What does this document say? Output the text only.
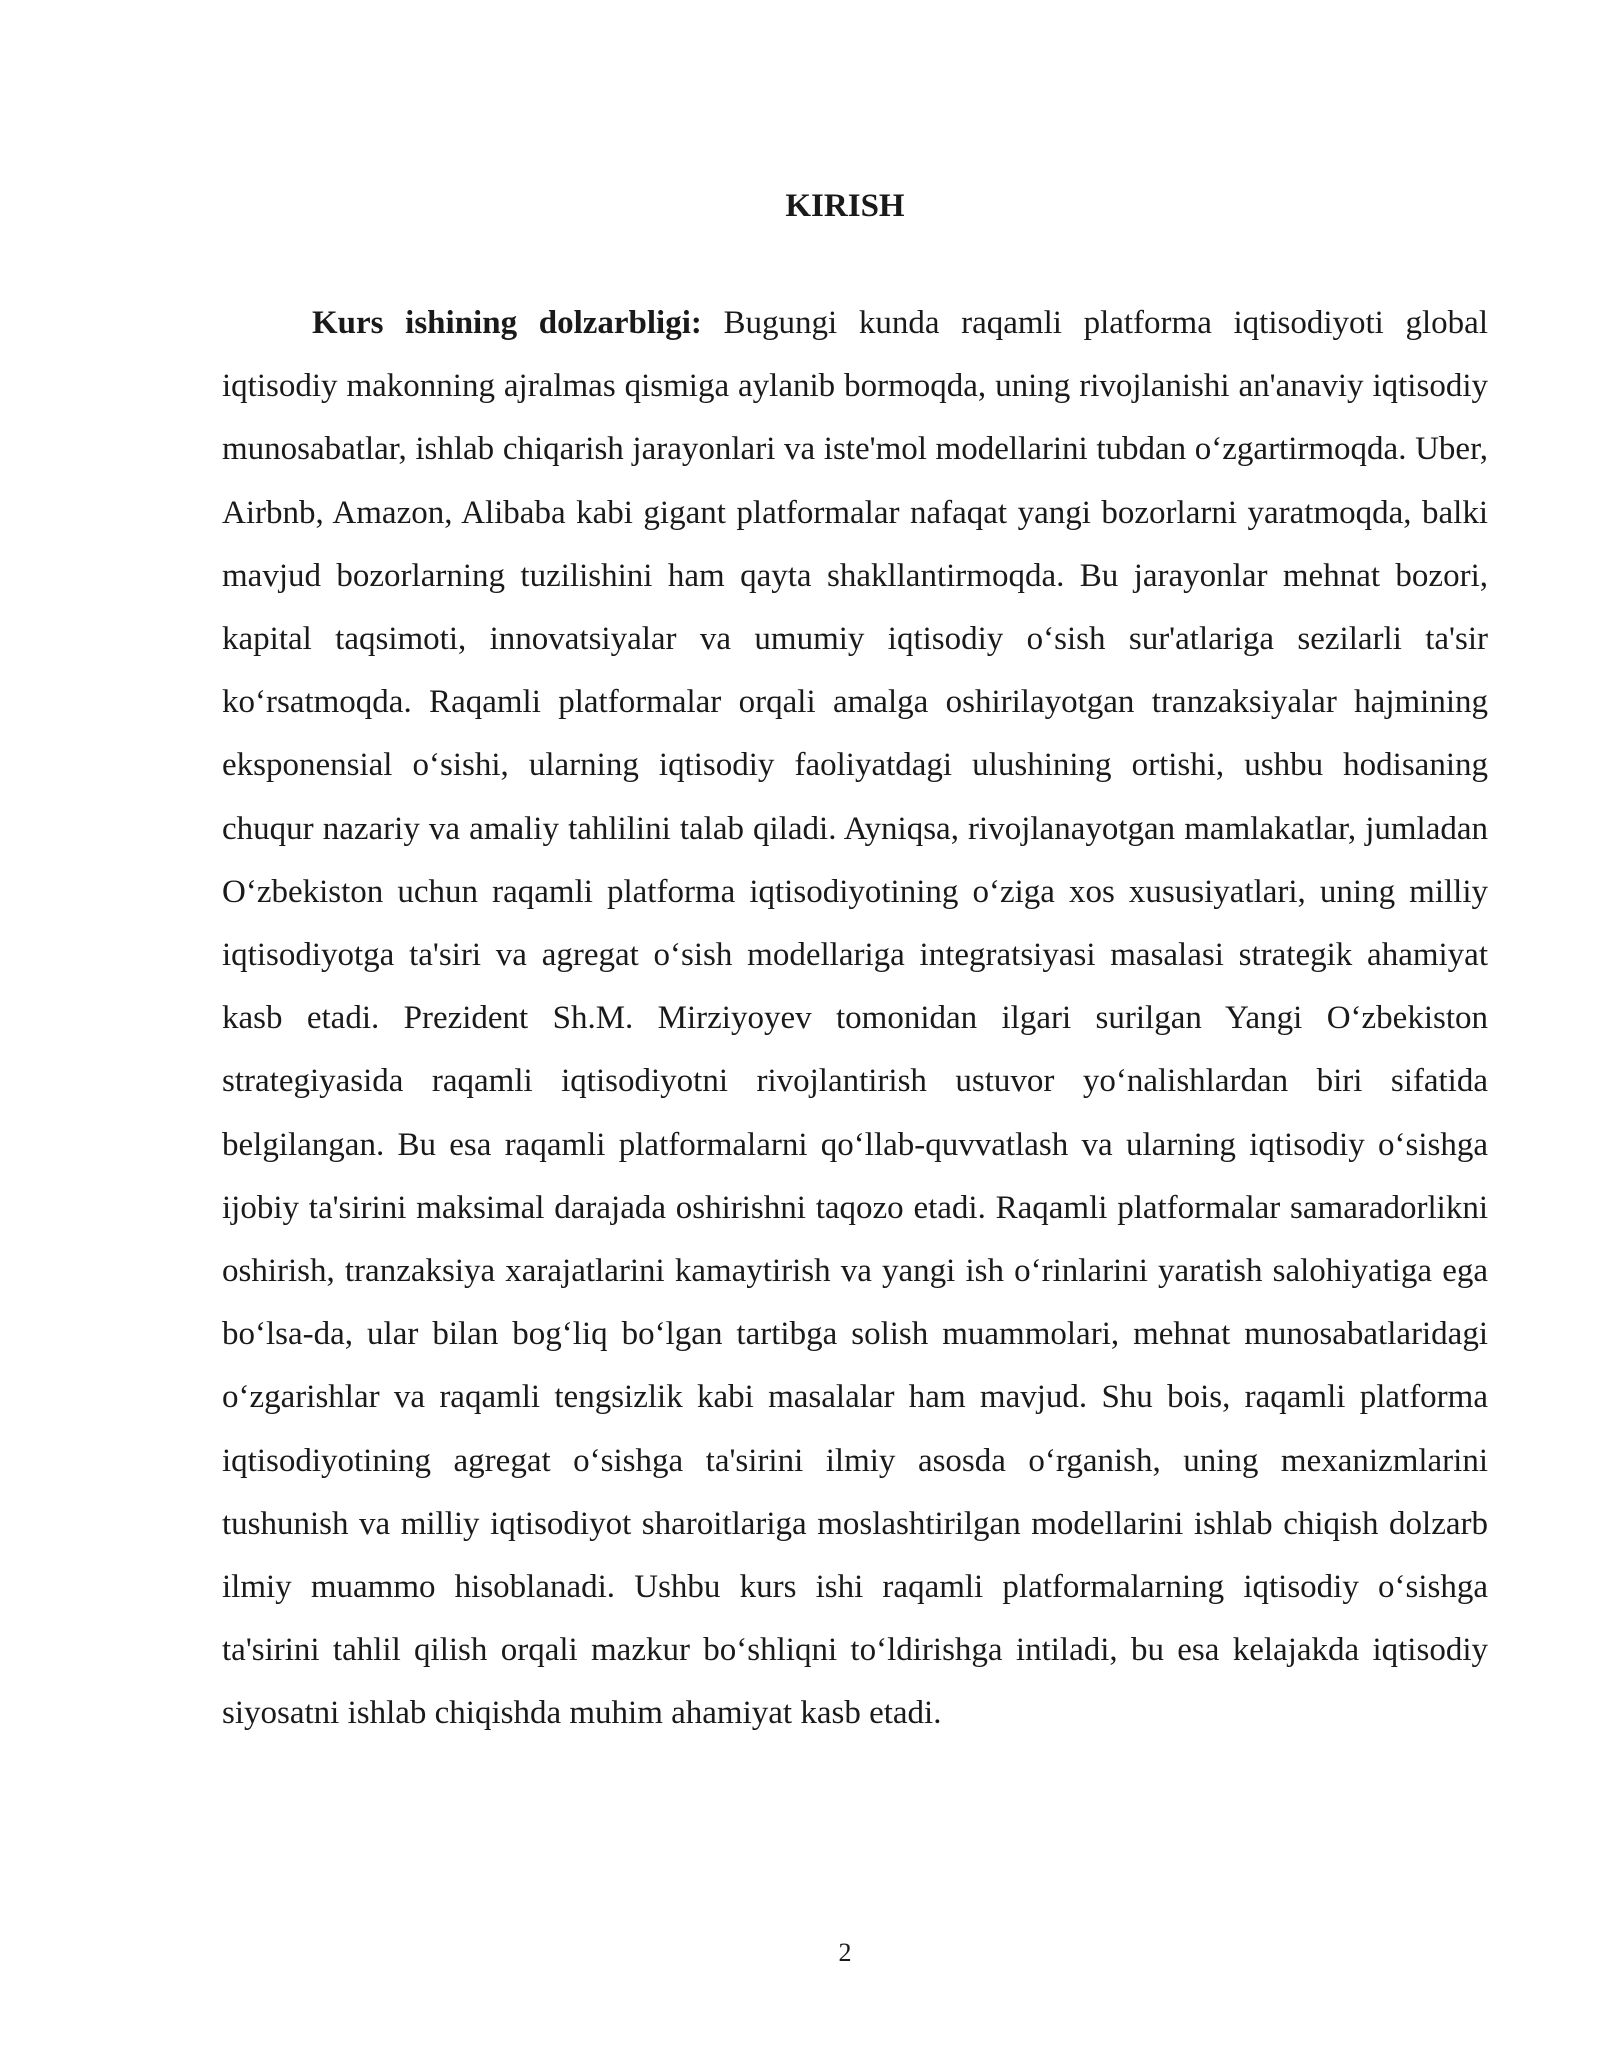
KIRISH

Kurs ishining dolzarbligi: Bugungi kunda raqamli platforma iqtisodiyoti global iqtisodiy makonning ajralmas qismiga aylanib bormoqda, uning rivojlanishi an'anaviy iqtisodiy munosabatlar, ishlab chiqarish jarayonlari va iste'mol modellarini tubdan oʻzgartirmoqda. Uber, Airbnb, Amazon, Alibaba kabi gigant platformalar nafaqat yangi bozorlarni yaratmoqda, balki mavjud bozorlarning tuzilishini ham qayta shakllantirmoqda. Bu jarayonlar mehnat bozori, kapital taqsimoti, innovatsiyalar va umumiy iqtisodiy oʻsish sur'atlariga sezilarli ta'sir koʻrsatmoqda. Raqamli platformalar orqali amalga oshirilayotgan tranzaksiyalar hajmining eksponensial oʻsishi, ularning iqtisodiy faoliyatdagi ulushining ortishi, ushbu hodisaning chuqur nazariy va amaliy tahlilini talab qiladi. Ayniqsa, rivojlanayotgan mamlakatlar, jumladan Oʻzbekiston uchun raqamli platforma iqtisodiyotining oʻziga xos xususiyatlari, uning milliy iqtisodiyotga ta'siri va agregat oʻsish modellariga integratsiyasi masalasi strategik ahamiyat kasb etadi. Prezident Sh.M. Mirziyoyev tomonidan ilgari surilgan Yangi Oʻzbekiston strategiyasida raqamli iqtisodiyotni rivojlantirish ustuvor yoʻnalishlardan biri sifatida belgilangan. Bu esa raqamli platformalarni qoʻllab-quvvatlash va ularning iqtisodiy oʻsishga ijobiy ta'sirini maksimal darajada oshirishni taqozo etadi. Raqamli platformalar samaradorlikni oshirish, tranzaksiya xarajatlarini kamaytirish va yangi ish oʻrinlarini yaratish salohiyatiga ega boʻlsa-da, ular bilan bogʻliq boʻlgan tartibga solish muammolari, mehnat munosabatlaridagi oʻzgarishlar va raqamli tengsizlik kabi masalalar ham mavjud. Shu bois, raqamli platforma iqtisodiyotining agregat oʻsishga ta'sirini ilmiy asosda oʻrganish, uning mexanizmlarini tushunish va milliy iqtisodiyot sharoitlariga moslashtirilgan modellarini ishlab chiqish dolzarb ilmiy muammo hisoblanadi. Ushbu kurs ishi raqamli platformalarning iqtisodiy oʻsishga ta'sirini tahlil qilish orqali mazkur boʻshliqni toʻldirishga intiladi, bu esa kelajakda iqtisodiy siyosatni ishlab chiqishda muhim ahamiyat kasb etadi.

2
